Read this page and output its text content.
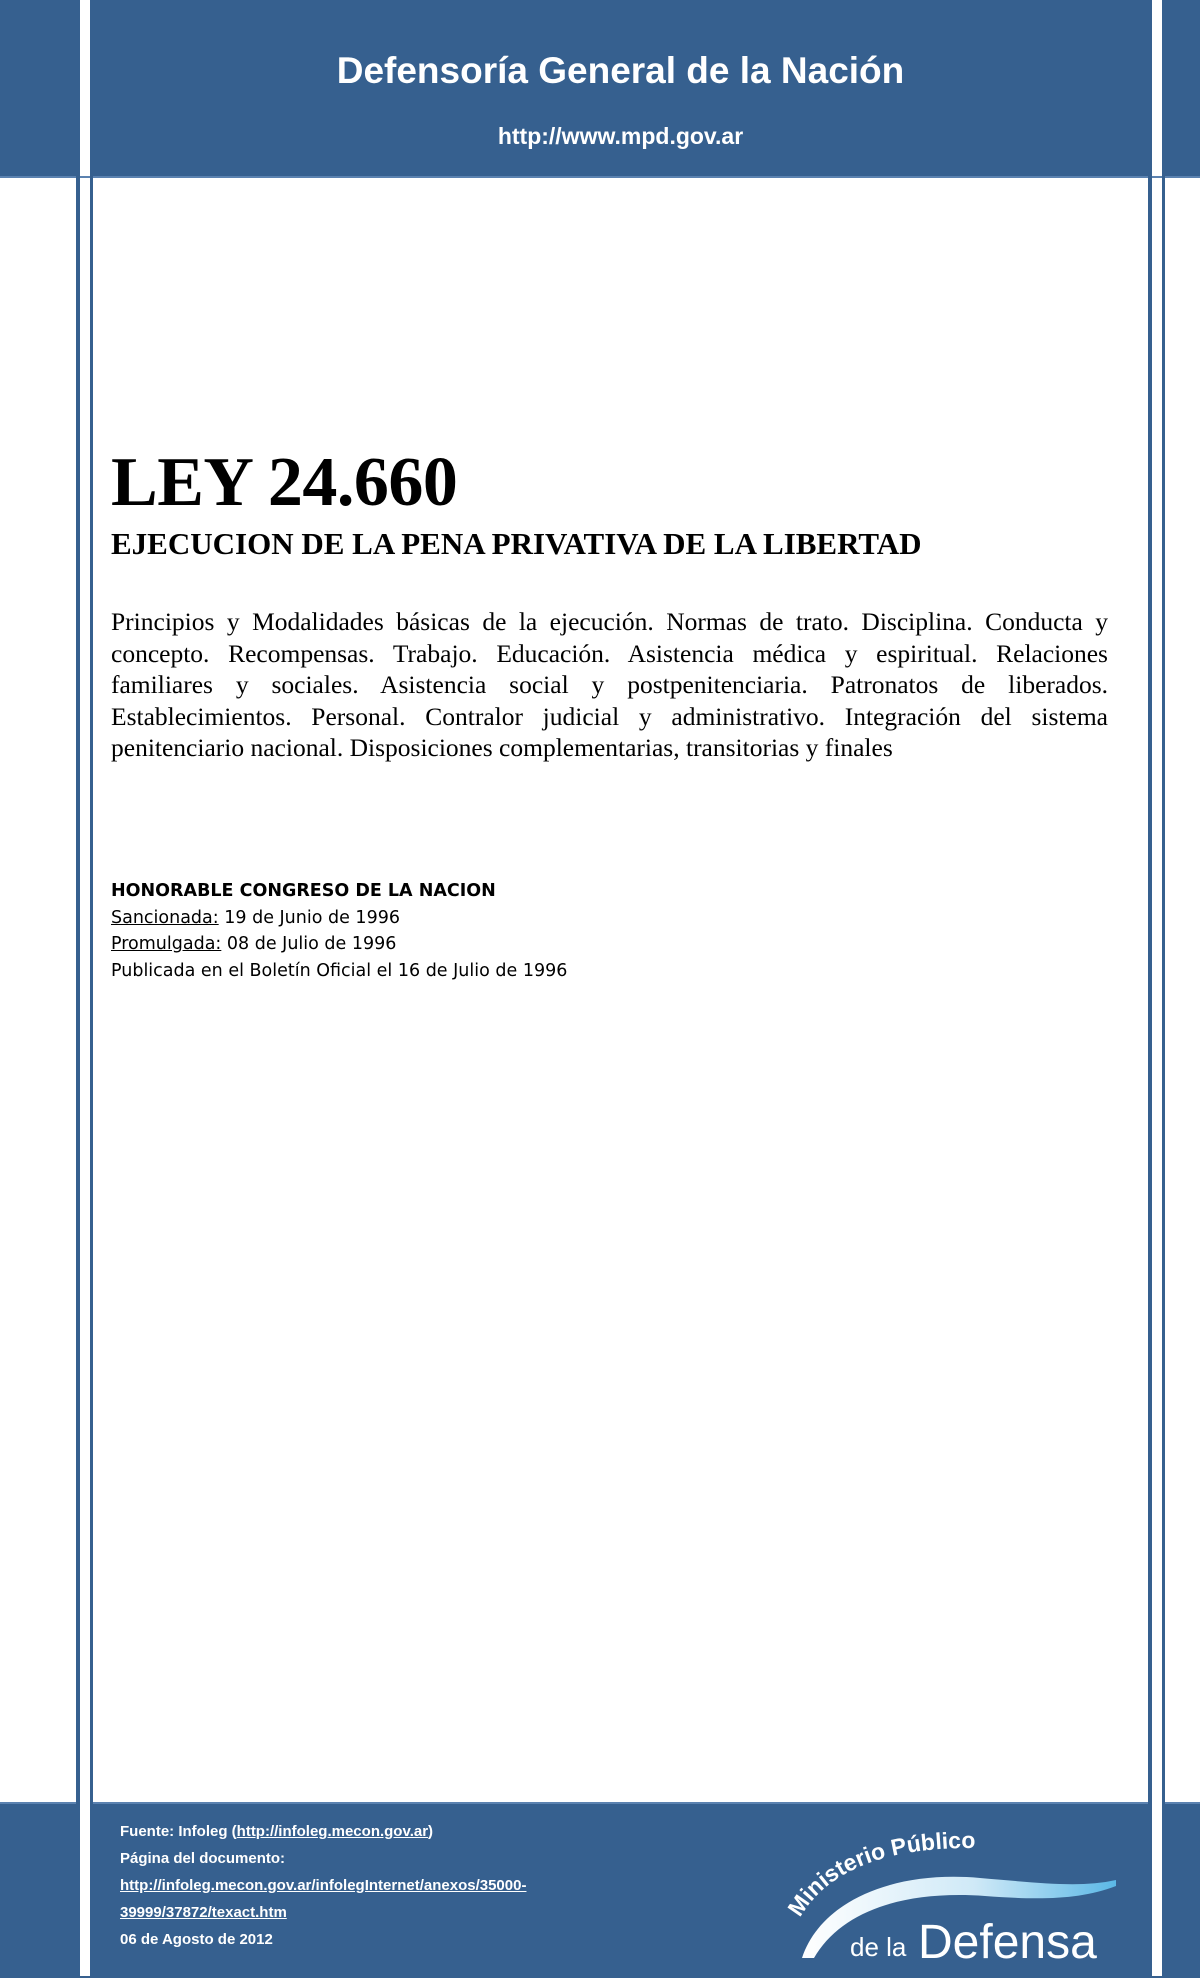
Defensoría General de la Nación
http://www.mpd.gov.ar
LEY 24.660
EJECUCION DE LA PENA PRIVATIVA DE LA LIBERTAD
Principios y Modalidades básicas de la ejecución. Normas de trato. Disciplina. Conducta y concepto. Recompensas. Trabajo. Educación. Asistencia médica y espiritual. Relaciones familiares y sociales. Asistencia social y postpenitenciaria. Patronatos de liberados. Establecimientos. Personal. Contralor judicial y administrativo. Integración del sistema penitenciario nacional. Disposiciones complementarias, transitorias y finales
HONORABLE CONGRESO DE LA NACION
Sancionada: 19 de Junio de 1996
Promulgada: 08 de Julio de 1996
Publicada en el Boletín Oficial el 16 de Julio de 1996
Fuente: Infoleg (http://infoleg.mecon.gov.ar)
Página del documento:
http://infoleg.mecon.gov.ar/infolegInternet/anexos/35000-
39999/37872/texact.htm
06 de Agosto de 2012
Ministerio Público
de la Defensa
